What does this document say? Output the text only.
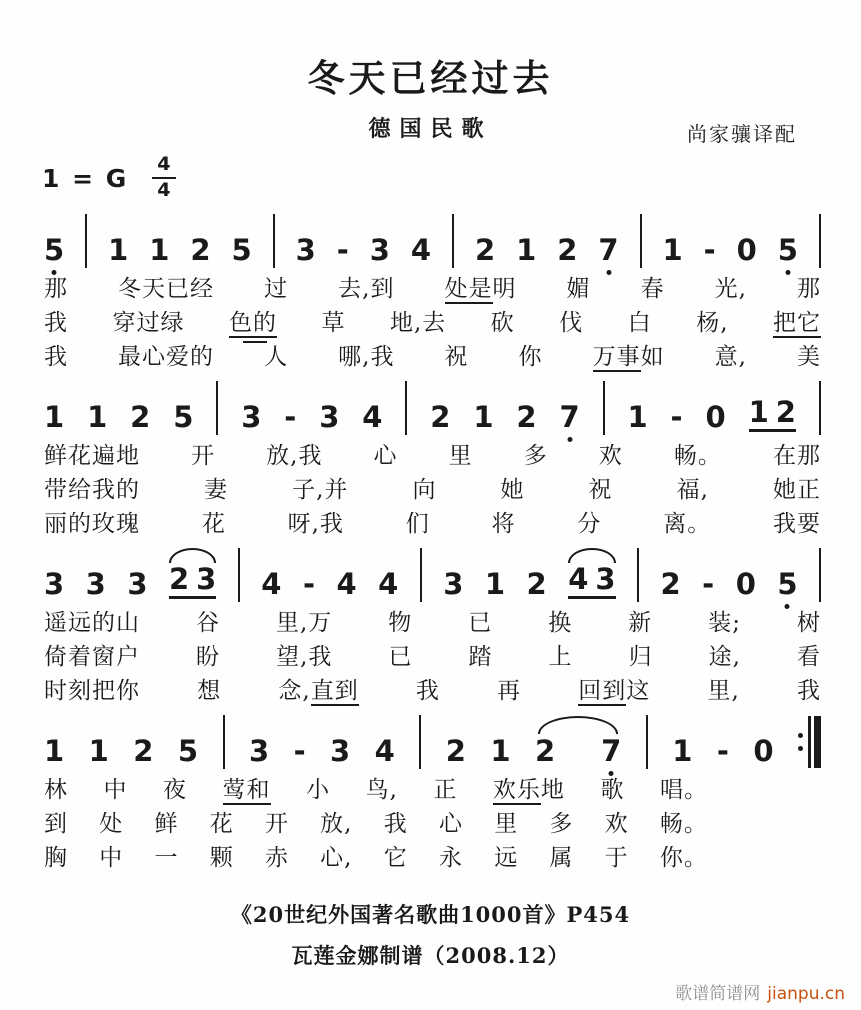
冬天已经过去
德国民歌	尚家骧译配
1 = G $\frac{4}{4}$
5 1 1 2 5 3 - 3 4 2 1 2 7 1 - 0 5
那 冬天已经 过 去,到 处是明 媚 春 光, 那
我 穿过绿 色的 草 地,去 砍 伐 白 杨, 把它
我 最心爱的 人 哪,我 祝 你 万事如 意, 美
1 1 2 5 3 - 3 4 2 1 2 7 1 - 0 1 2
鲜花遍地 开 放,我 心 里 多 欢 畅。 在那
带给我的	妻	子,并	向	她	祝	福,	她正
丽的玫瑰	花	呀,我	们	将	分	离。	我要
3 3 3 2 3 4 - 4 4 3 1 2 4 3 2 - 0 5
遥远的山 谷 里,万 物 已 换 新 装; 树
倚着窗户 盼 望,我 已 踏 上 归 途, 看
时刻把你 想 念,直到 我 再 回到这 里, 我
1 1 2 5 3 - 3 4 2 1 2 7 1 - 0
林 中 夜 莺和 小 鸟, 正 欢乐地 歌 唱。
到 处 鲜 花 开 放, 我 心 里 多 欢 畅。
胸 中 一 颗 赤 心, 它 永 远 属 于 你。
《20世纪外国著名歌曲1000首》P454
瓦莲金娜制谱（2008.12）
歌谱简谱网 jianpu.cn
